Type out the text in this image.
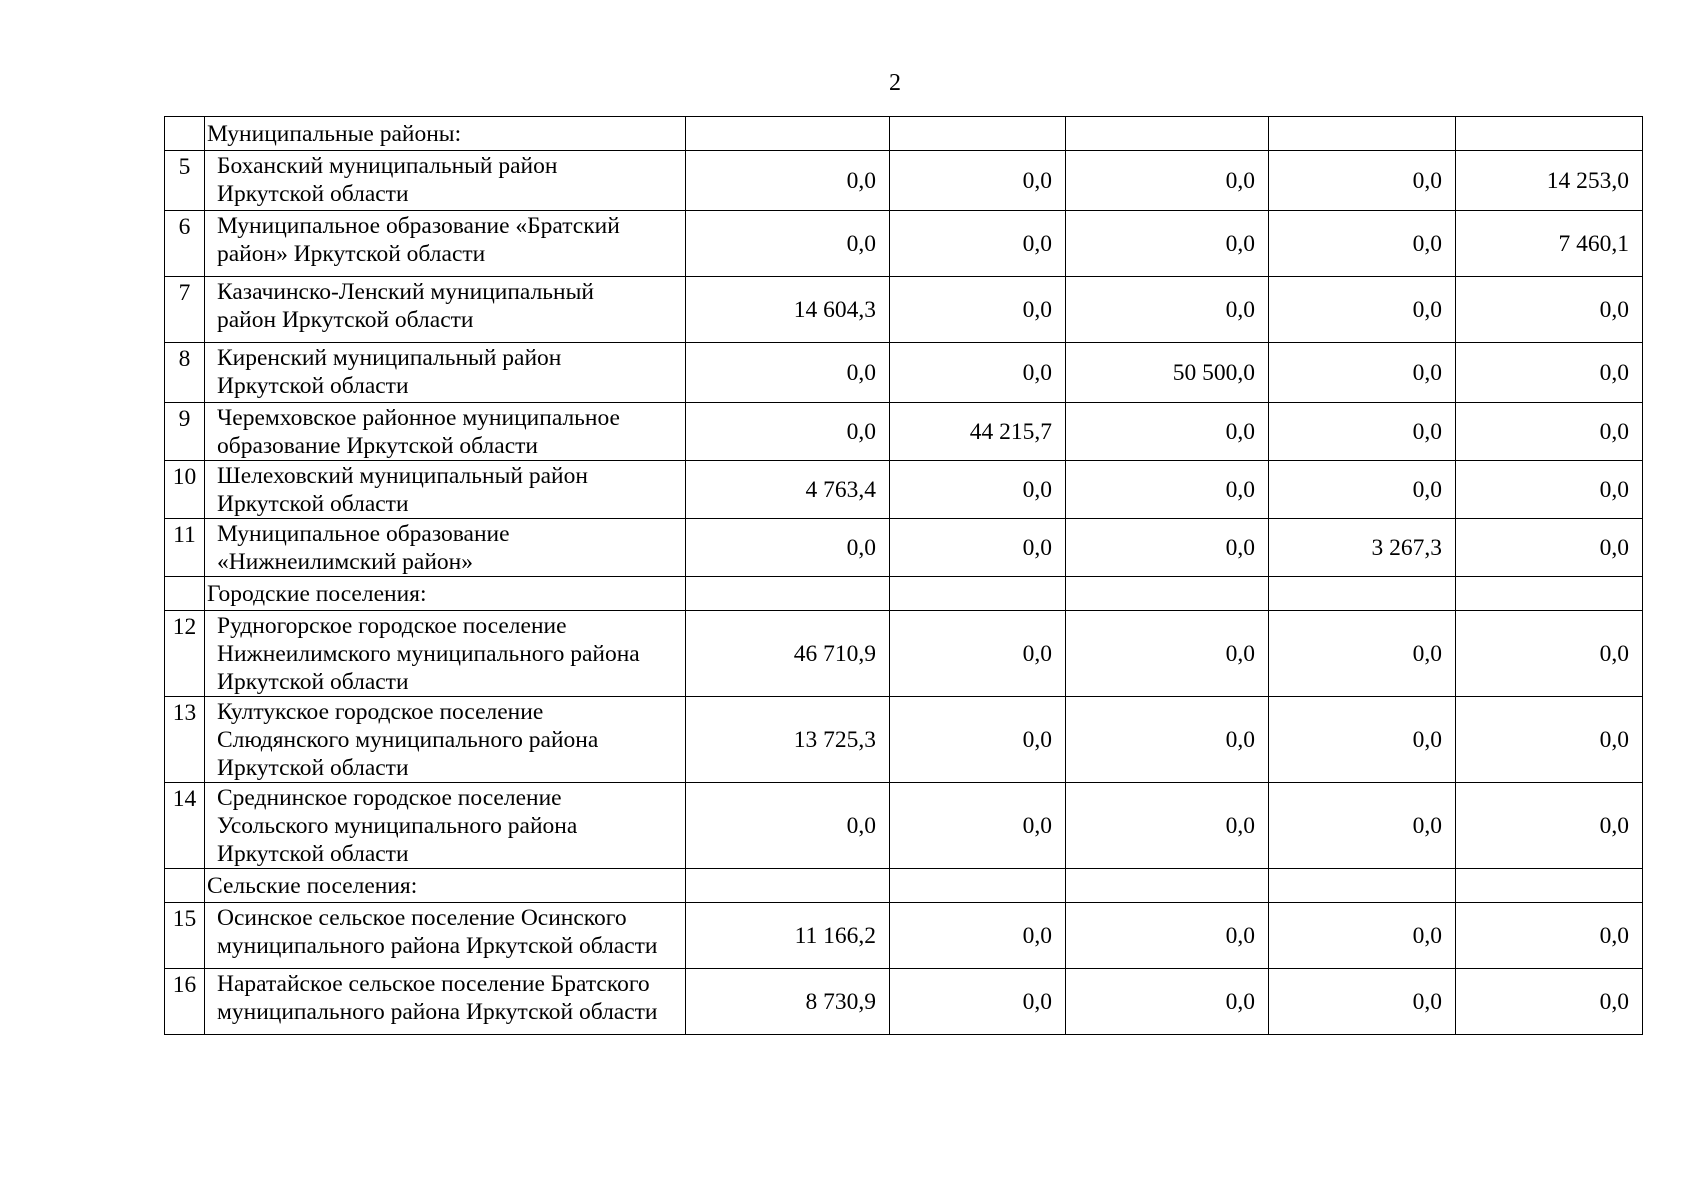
2
	Муниципальные районы:					
5	Боханский муниципальный район
Иркутской области	0,0	0,0	0,0	0,0	14 253,0
6	Муниципальное образование «Братский
район» Иркутской области	0,0	0,0	0,0	0,0	7 460,1
7	Казачинско-Ленский муниципальный
район Иркутской области	14 604,3	0,0	0,0	0,0	0,0
8	Киренский муниципальный район
Иркутской области	0,0	0,0	50 500,0	0,0	0,0
9	Черемховское районное муниципальное
образование Иркутской области	0,0	44 215,7	0,0	0,0	0,0
10	Шелеховский муниципальный район
Иркутской области	4 763,4	0,0	0,0	0,0	0,0
11	Муниципальное образование
«Нижнеилимский район»	0,0	0,0	0,0	3 267,3	0,0
	Городские поселения:					
12	Рудногорское городское поселение
Нижнеилимского муниципального района
Иркутской области	46 710,9	0,0	0,0	0,0	0,0
13	Култукское городское поселение
Слюдянского муниципального района
Иркутской области	13 725,3	0,0	0,0	0,0	0,0
14	Среднинское городское поселение
Усольского муниципального района
Иркутской области	0,0	0,0	0,0	0,0	0,0
	Сельские поселения:					
15	Осинское сельское поселение Осинского
муниципального района Иркутской области	11 166,2	0,0	0,0	0,0	0,0
16	Наратайское сельское поселение Братского
муниципального района Иркутской области	8 730,9	0,0	0,0	0,0	0,0
